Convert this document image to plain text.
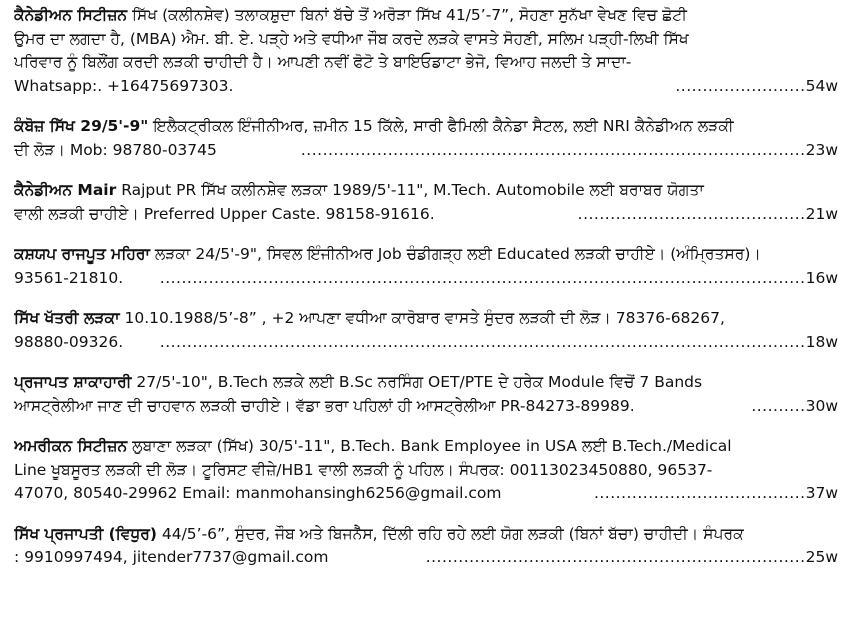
ਕੈਨੇਡੀਅਨ ਸਿਟੀਜ਼ਨ ਸਿੱਖ (ਕਲੀਨਸ਼ੇਵ) ਤਲਾਕਸ਼ੁਦਾ ਬਿਨਾਂ ਬੱਚੇ ਤੋਂ ਅਰੋੜਾ ਸਿੱਖ 41/5’-7”, ਸੋਹਣਾ ਸੁਨੱਖਾ ਵੇਖਣ ਵਿਚ ਛੋਟੀ
ਉਮਰ ਦਾ ਲਗਦਾ ਹੈ, (MBA) ਐਮ. ਬੀ. ਏ. ਪੜ੍ਹੇ ਅਤੇ ਵਧੀਆ ਜੌਬ ਕਰਦੇ ਲੜਕੇ ਵਾਸਤੇ ਸੋਹਣੀ, ਸਲਿਮ ਪੜ੍ਹੀ-ਲਿਖੀ ਸਿੱਖ
ਪਰਿਵਾਰ ਨੂੰ ਬਿਲੌਂਗ ਕਰਦੀ ਲੜਕੀ ਚਾਹੀਦੀ ਹੈ। ਆਪਣੀ ਨਵੀਂ ਫੋਟੋ ਤੇ ਬਾਇਓਡਾਟਾ ਭੇਜੋ, ਵਿਆਹ ਜਲਦੀ ਤੇ ਸਾਦਾ-
Whatsapp:. +16475697303.	........................ 54w
ਕੰਬੋਜ਼ ਸਿੱਖ 29/5'-9" ਇਲੈਕਟ੍ਰੀਕਲ ਇੰਜੀਨੀਅਰ, ਜ਼ਮੀਨ 15 ਕਿੱਲੇ, ਸਾਰੀ ਫੈਮਿਲੀ ਕੈਨੇਡਾ ਸੈਟਲ, ਲਈ NRI ਕੈਨੇਡੀਅਨ ਲੜਕੀ
ਦੀ ਲੋੜ। Mob: 98780-03745	............................................................................................. 23w
ਕੈਨੇਡੀਅਨ Mair Rajput PR ਸਿੱਖ ਕਲੀਨਸ਼ੇਵ ਲੜਕਾ 1989/5'-11", M.Tech. Automobile ਲਈ ਬਰਾਬਰ ਯੋਗਤਾ
ਵਾਲੀ ਲੜਕੀ ਚਾਹੀਏ। Preferred Upper Caste. 98158-91616.	.......................................... 21w
ਕਸ਼ਯਪ ਰਾਜਪੂਤ ਮਹਿਰਾ ਲੜਕਾ 24/5'-9", ਸਿਵਲ ਇੰਜੀਨੀਅਰ Job ਚੰਡੀਗੜ੍ਹ ਲਈ Educated ਲੜਕੀ ਚਾਹੀਏ। (ਅੰਮ੍ਰਿਤਸਰ)।
93561-21810.	....................................................................................................................... 16w
ਸਿੱਖ ਖੱਤਰੀ ਲੜਕਾ 10.10.1988/5’-8” , +2 ਆਪਣਾ ਵਧੀਆ ਕਾਰੋਬਾਰ ਵਾਸਤੇ ਸੁੰਦਰ ਲੜਕੀ ਦੀ ਲੋੜ। 78376-68267,
98880-09326.	....................................................................................................................... 18w
ਪ੍ਰਜਾਪਤ ਸ਼ਾਕਾਹਾਰੀ 27/5'-10", B.Tech ਲੜਕੇ ਲਈ B.Sc ਨਰਸਿੰਗ OET/PTE ਦੇ ਹਰੇਕ Module ਵਿਚੋਂ 7 Bands
ਆਸਟ੍ਰੇਲੀਆ ਜਾਣ ਦੀ ਚਾਹਵਾਨ ਲੜਕੀ ਚਾਹੀਏ। ਵੱਡਾ ਭਰਾ ਪਹਿਲਾਂ ਹੀ ਆਸਟ੍ਰੇਲੀਆ PR-84273-89989.	.......... 30w
ਅਮਰੀਕਨ ਸਿਟੀਜ਼ਨ ਲੁਬਾਣਾ ਲੜਕਾ (ਸਿੱਖ) 30/5'-11", B.Tech. Bank Employee in USA ਲਈ B.Tech./Medical
Line ਖੂਬਸੂਰਤ ਲੜਕੀ ਦੀ ਲੋੜ। ਟੂਰਿਸਟ ਵੀਜ਼ੇ/HB1 ਵਾਲੀ ਲੜਕੀ ਨੂੰ ਪਹਿਲ। ਸੰਪਰਕ: 00113023450880, 96537-
47070, 80540-29962 Email: manmohansingh6256@gmail.com	....................................... 37w
ਸਿੱਖ ਪ੍ਰਜਾਪਤੀ (ਵਿਧੁਰ) 44/5’-6”, ਸੁੰਦਰ, ਜੌਬ ਅਤੇ ਬਿਜਨੈੱਸ, ਦਿੱਲੀ ਰਹਿ ਰਹੇ ਲਈ ਯੋਗ ਲੜਕੀ (ਬਿਨਾਂ ਬੱਚਾ) ਚਾਹੀਦੀ। ਸੰਪਰਕ
: 9910997494, jitender7737@gmail.com	...................................................................... 25w
